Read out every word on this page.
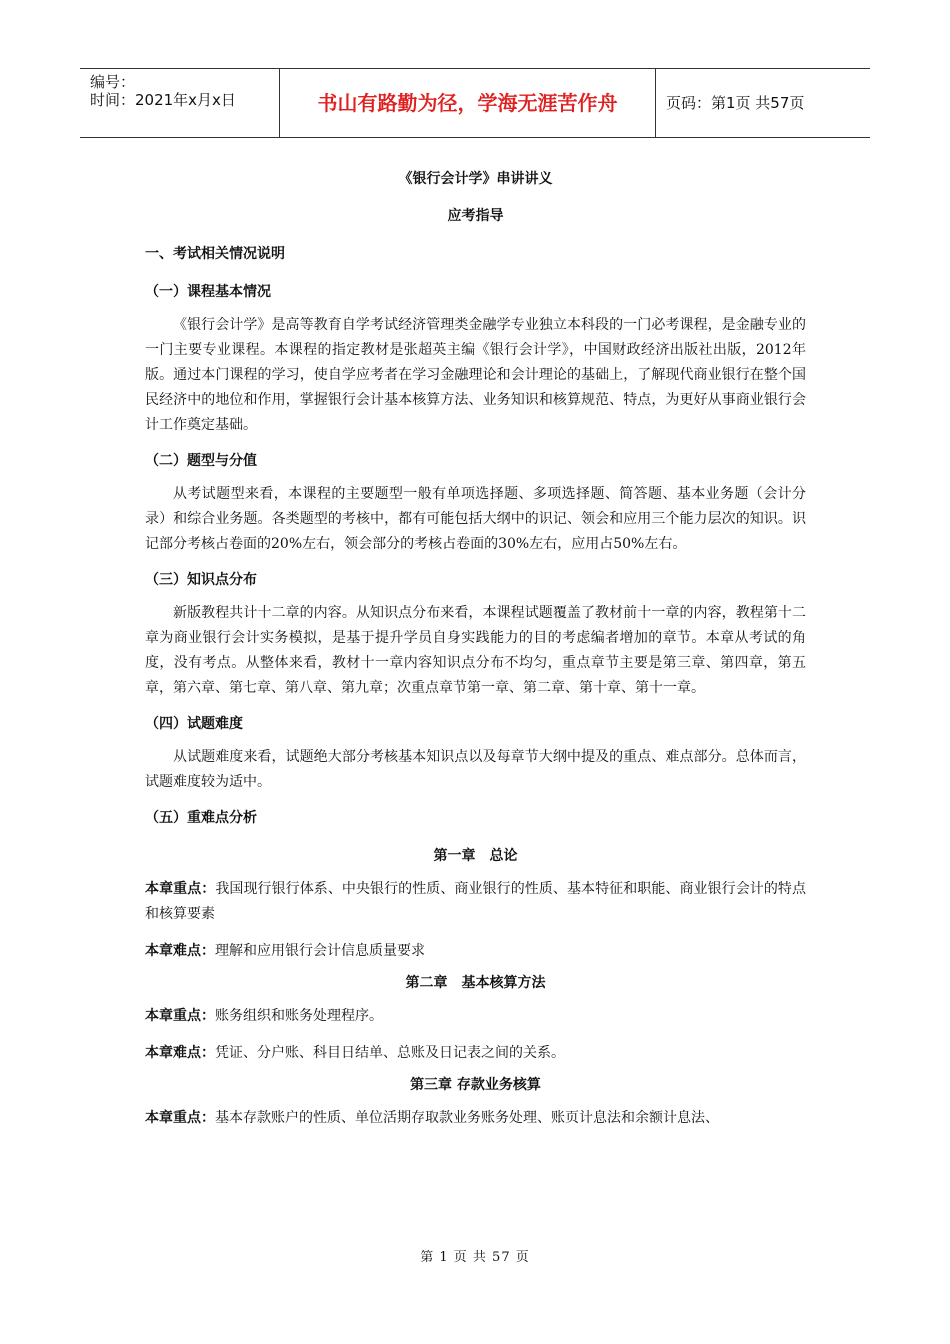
编号：
时间：2021年x月x日	书山有路勤为径，学海无涯苦作舟	页码：第1页 共57页

《银行会计学》串讲讲义

应考指导

一、考试相关情况说明

（一）课程基本情况

《银行会计学》是高等教育自学考试经济管理类金融学专业独立本科段的一门必考课程，是金融专业的一门主要专业课程。本课程的指定教材是张超英主编《银行会计学》，中国财政经济出版社出版，2012年版。通过本门课程的学习，使自学应考者在学习金融理论和会计理论的基础上，了解现代商业银行在整个国民经济中的地位和作用，掌握银行会计基本核算方法、业务知识和核算规范、特点，为更好从事商业银行会计工作奠定基础。

（二）题型与分值

从考试题型来看，本课程的主要题型一般有单项选择题、多项选择题、简答题、基本业务题（会计分录）和综合业务题。各类题型的考核中，都有可能包括大纲中的识记、领会和应用三个能力层次的知识。识记部分考核占卷面的20%左右，领会部分的考核占卷面的30%左右，应用占50%左右。

（三）知识点分布

新版教程共计十二章的内容。从知识点分布来看，本课程试题覆盖了教材前十一章的内容，教程第十二章为商业银行会计实务模拟，是基于提升学员自身实践能力的目的考虑编者增加的章节。本章从考试的角度，没有考点。从整体来看，教材十一章内容知识点分布不均匀，重点章节主要是第三章、第四章，第五章，第六章、第七章、第八章、第九章；次重点章节第一章、第二章、第十章、第十一章。

（四）试题难度

从试题难度来看，试题绝大部分考核基本知识点以及每章节大纲中提及的重点、难点部分。总体而言，试题难度较为适中。

（五）重难点分析

第一章　总论

本章重点：我国现行银行体系、中央银行的性质、商业银行的性质、基本特征和职能、商业银行会计的特点和核算要素

本章难点：理解和应用银行会计信息质量要求

第二章　基本核算方法

本章重点：账务组织和账务处理程序。

本章难点：凭证、分户账、科目日结单、总账及日记表之间的关系。

第三章 存款业务核算

本章重点：基本存款账户的性质、单位活期存取款业务账务处理、账页计息法和余额计息法、

第 1 页 共 57 页
